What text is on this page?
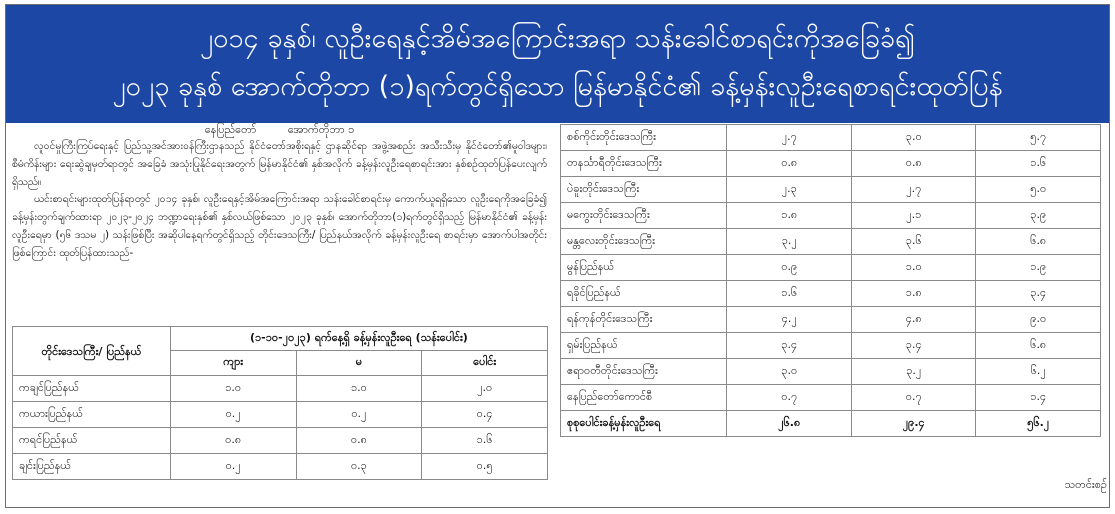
၂၀၁၄ ခုနှစ်၊ လူဦးရေနှင့်အိမ်အကြောင်းအရာ သန်းခေါင်စာရင်းကိုအခြေခံ၍
၂၀၂၃ ခုနှစ် အောက်တိုဘာ (၁)ရက်တွင်ရှိသော မြန်မာနိုင်ငံ၏ ခန့်မှန်းလူဦးရေစာရင်းထုတ်ပြန်
နေပြည်တော်	အောက်တိုဘာ ၁

လူဝင်မှုကြီးကြပ်ရေးနှင့် ပြည်သူ့အင်အားဝန်ကြီးဌာနသည် နိုင်ငံတော်အစိုးရနှင့် ဌာနဆိုင်ရာ အဖွဲ့အစည်း အသီးသီးမှ နိုင်ငံတော်၏မူဝါဒများ၊ စီမံကိန်းများ ရေးဆွဲချမှတ်ရာတွင် အခြေခံ အသုံးပြုနိုင်ရေးအတွက် မြန်မာနိုင်ငံ၏ နှစ်အလိုက် ခန့်မှန်းလူဦးရေစာရင်းအား နှစ်စဉ်ထုတ်ပြန်ပေးလျက်ရှိသည်။

ယင်းစာရင်းများထုတ်ပြန်ရာတွင် ၂၀၁၄ ခုနှစ်၊ လူဦးရေနှင့်အိမ်အကြောင်းအရာ သန်းခေါင်စာရင်းမှ ကောက်ယူရရှိသော လူဦးရေကိုအခြေခံ၍ ခန့်မှန်းတွက်ချက်ထားရာ ၂၀၂၃-၂၀၂၄ ဘဏ္ဍာရေးနှစ်၏ နှစ်လယ်ဖြစ်သော ၂၀၂၃ ခုနှစ်၊ အောက်တိုဘာ(၁)ရက်တွင်ရှိသည့် မြန်မာနိုင်ငံ၏ ခန့်မှန်းလူဦးရေမှာ (၅၆ ဒသမ ၂) သန်းဖြစ်ပြီး အဆိုပါနေ့ရက်တွင်ရှိသည့် တိုင်းဒေသကြီး/ ပြည်နယ်အလိုက် ခန့်မှန်းလူဦးရေ စာရင်းမှာ အောက်ပါအတိုင်းဖြစ်ကြောင်း ထုတ်ပြန်ထားသည်-

တိုင်းဒေသကြီး/ ပြည်နယ်	(၁-၁၀-၂၀၂၃) ရက်နေ့ရှိ ခန့်မှန်းလူဦးရေ (သန်းပေါင်း)		
	ကျား	မ	ပေါင်း
ကချင်ပြည်နယ်	၁.၀	၁.၀	၂.၀
ကယားပြည်နယ်	၀.၂	၀.၂	၀.၄
ကရင်ပြည်နယ်	၀.၈	၀.၈	၁.၆
ချင်းပြည်နယ်	၀.၂	၀.၃	၀.၅
စစ်ကိုင်းတိုင်းဒေသကြီး	၂.၇	၃.၀	၅.၇
တနင်္သာရီတိုင်းဒေသကြီး	၀.၈	၀.၈	၁.၆
ပဲခူးတိုင်းဒေသကြီး	၂.၃	၂.၇	၅.၀
မကွေးတိုင်းဒေသကြီး	၁.၈	၂.၁	၃.၉
မန္တလေးတိုင်းဒေသကြီး	၃.၂	၃.၆	၆.၈
မွန်ပြည်နယ်	၀.၉	၁.၀	၁.၉
ရခိုင်ပြည်နယ်	၁.၆	၁.၈	၃.၄
ရန်ကုန်တိုင်းဒေသကြီး	၄.၂	၄.၈	၉.၀
ရှမ်းပြည်နယ်	၃.၄	၃.၄	၆.၈
ဧရာဝတီတိုင်းဒေသကြီး	၃.၀	၃.၂	၆.၂
နေပြည်တော်ကောင်စီ	၀.၇	၀.၇	၁.၄
စုစုပေါင်းခန့်မှန်းလူဦးရေ	၂၆.၈	၂၉.၄	၅၆.၂
သတင်းစဉ်
